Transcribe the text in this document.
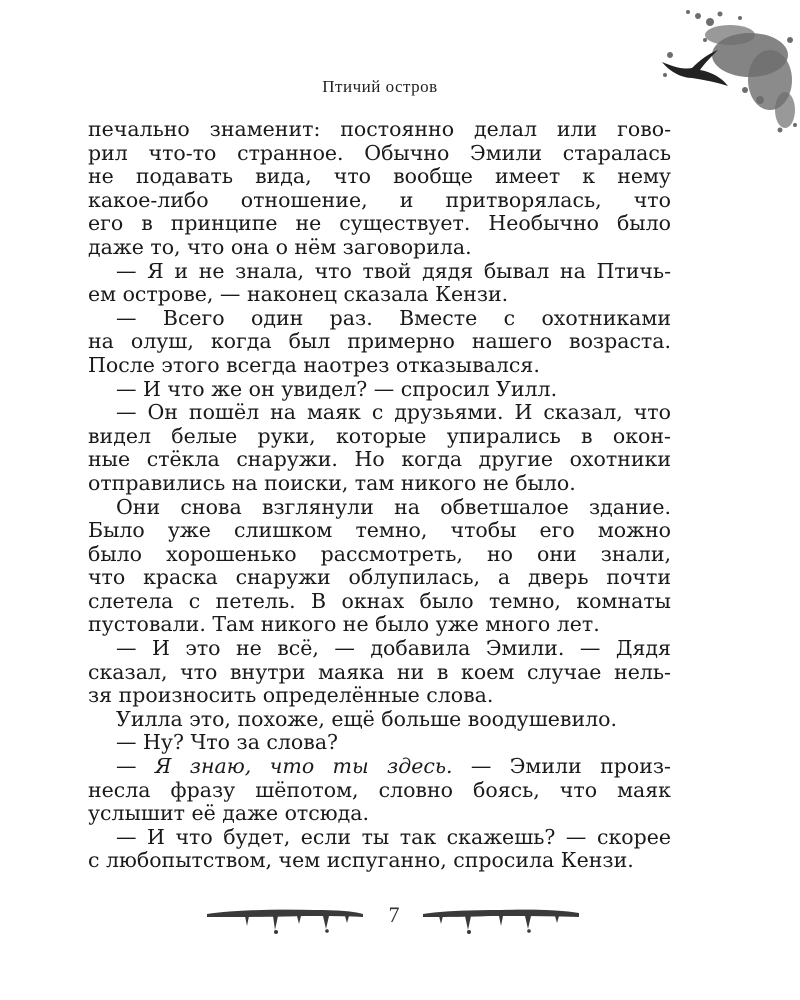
Птичий остров
печально знаменит: постоянно делал или гово-
рил что-то странное. Обычно Эмили старалась
не подавать вида, что вообще имеет к нему
какое-либо отношение, и притворялась, что
его в принципе не существует. Необычно было
даже то, что она о нём заговорила.
— Я и не знала, что твой дядя бывал на Птичь-
ем острове, — наконец сказала Кензи.
— Всего один раз. Вместе с охотниками
на олуш, когда был примерно нашего возраста.
После этого всегда наотрез отказывался.
— И что же он увидел? — спросил Уилл.
— Он пошёл на маяк с друзьями. И сказал, что
видел белые руки, которые упирались в окон-
ные стёкла снаружи. Но когда другие охотники
отправились на поиски, там никого не было.
Они снова взглянули на обветшалое здание.
Было уже слишком темно, чтобы его можно
было хорошенько рассмотреть, но они знали,
что краска снаружи облупилась, а дверь почти
слетела с петель. В окнах было темно, комнаты
пустовали. Там никого не было уже много лет.
— И это не всё, — добавила Эмили. — Дядя
сказал, что внутри маяка ни в коем случае нель-
зя произносить определённые слова.
Уилла это, похоже, ещё больше воодушевило.
— Ну? Что за слова?
— Я знаю, что ты здесь. — Эмили произ-
несла фразу шёпотом, словно боясь, что маяк
услышит её даже отсюда.
— И что будет, если ты так скажешь? — скорее
с любопытством, чем испуганно, спросила Кензи.
7
